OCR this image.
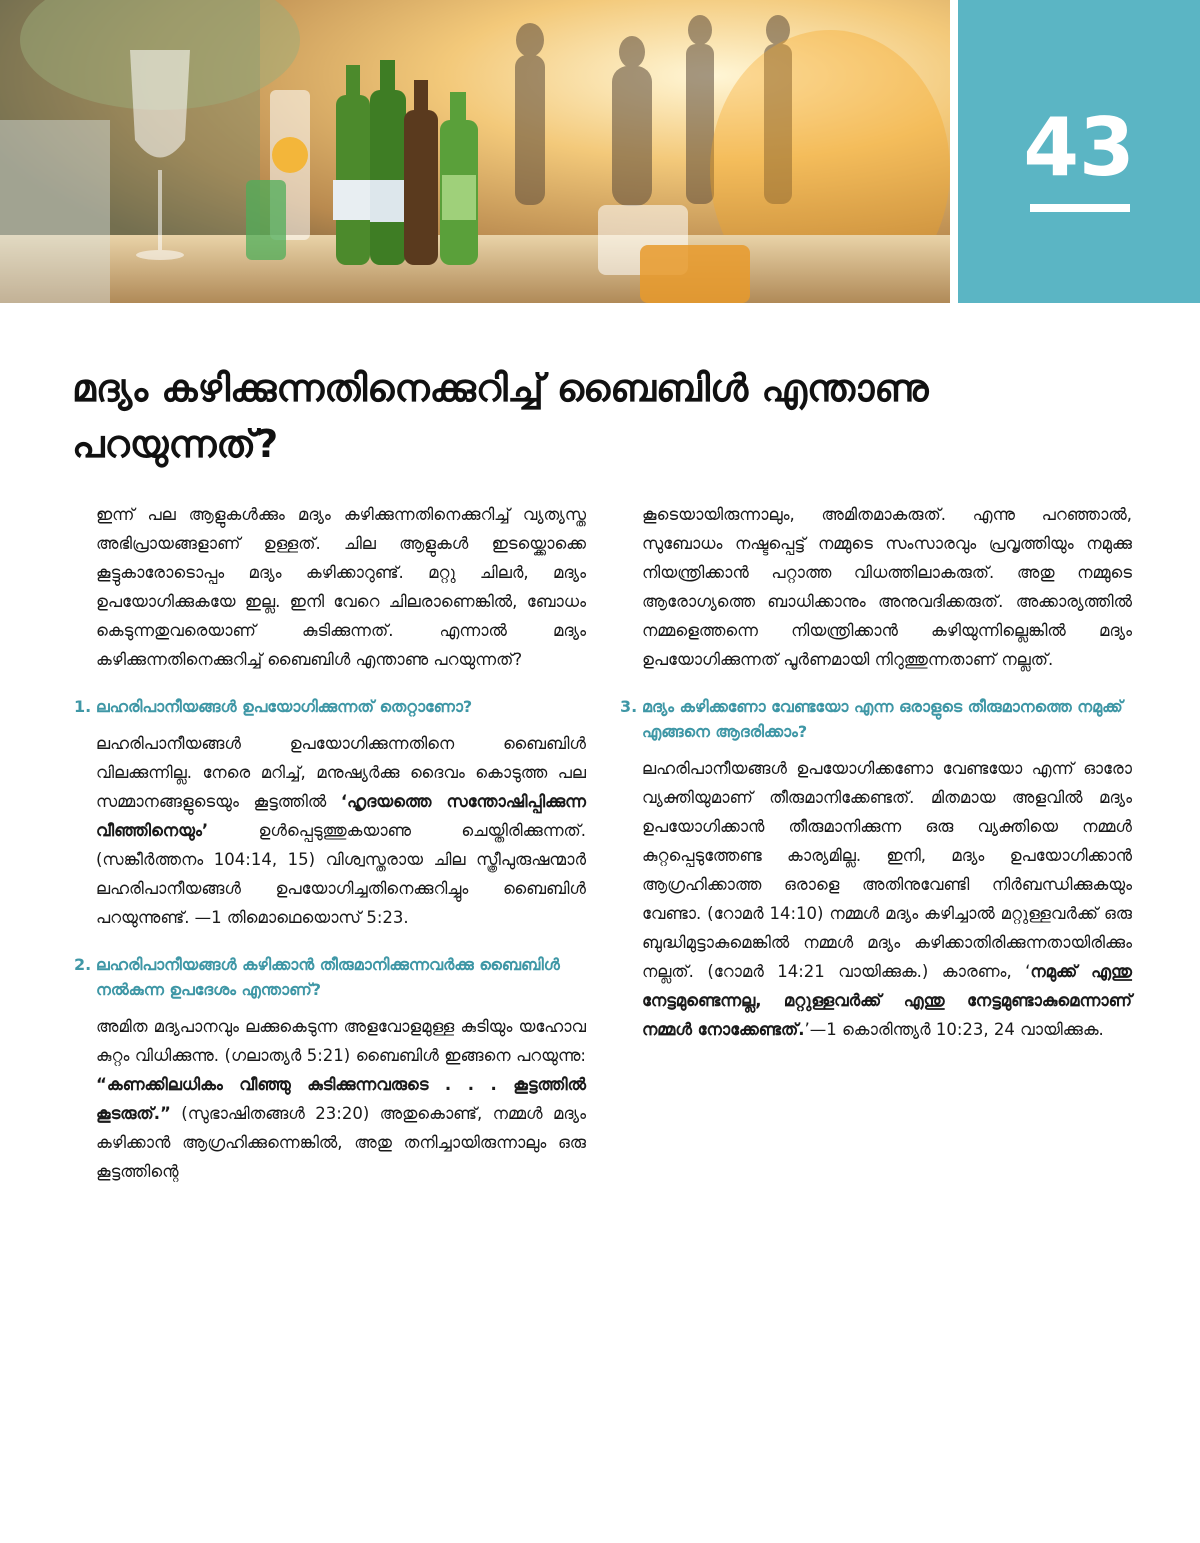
43
മദ്യം കഴിക്കുന്നതിനെക്കുറിച്ച് ബൈബിൾ എന്താണു പറയുന്നത്?

ഇന്ന് പല ആളുകൾക്കും മദ്യം കഴിക്കുന്നതിനെക്കുറിച്ച് വ്യത്യസ്ത അഭിപ്രായങ്ങളാണ് ഉള്ളത്. ചില ആളുകൾ ഇടയ്ക്കൊക്കെ കൂട്ടുകാരോടൊപ്പം മദ്യം കഴിക്കാറുണ്ട്. മറ്റു ചിലർ, മദ്യം ഉപയോഗിക്കുകയേ ഇല്ല. ഇനി വേറെ ചിലരാണെങ്കിൽ, ബോധം കെടുന്നതുവരെയാണ് കുടിക്കുന്നത്. എന്നാൽ മദ്യം കഴിക്കുന്നതിനെക്കുറിച്ച് ബൈബിൾ എന്താണു പറയുന്നത്?

1. ലഹരിപാനീയങ്ങൾ ഉപയോഗിക്കുന്നത് തെറ്റാണോ?

ലഹരിപാനീയങ്ങൾ ഉപയോഗിക്കുന്നതിനെ ബൈബിൾ വിലക്കുന്നില്ല. നേരെ മറിച്ച്, മനുഷ്യർക്കു ദൈവം കൊടുത്ത പല സമ്മാനങ്ങളുടെയും കൂട്ടത്തിൽ ‘ഹൃദയത്തെ സന്തോഷിപ്പിക്കുന്ന വീഞ്ഞിനെയും’ ഉൾപ്പെടുത്തുകയാണു ചെയ്തിരിക്കുന്നത്. (സങ്കീർത്തനം 104:14, 15) വിശ്വസ്തരായ ചില സ്ത്രീപുരുഷന്മാർ ലഹരിപാനീയങ്ങൾ ഉപയോഗിച്ചതിനെക്കുറിച്ചും ബൈബിൾ പറയുന്നുണ്ട്. —1 തിമൊഥെയൊസ് 5:23.

2. ലഹരിപാനീയങ്ങൾ കഴിക്കാൻ തീരുമാനിക്കുന്നവർക്കു ബൈബിൾ നൽകുന്ന ഉപദേശം എന്താണ്?

അമിത മദ്യപാനവും ലക്കുകെടുന്ന അളവോളമുള്ള കുടിയും യഹോവ കുറ്റം വിധിക്കുന്നു. (ഗലാത്യർ 5:21) ബൈബിൾ ഇങ്ങനെ പറയുന്നു: “കണക്കിലധികം വീഞ്ഞു കുടിക്കുന്നവരുടെ . . . കൂട്ടത്തിൽ കൂടരുത്.” (സുഭാഷിതങ്ങൾ 23:20) അതുകൊണ്ട്, നമ്മൾ മദ്യം കഴിക്കാൻ ആഗ്രഹിക്കുന്നെങ്കിൽ, അതു തനിച്ചായിരുന്നാലും ഒരു കൂട്ടത്തിന്റെ

കൂടെയായിരുന്നാലും, അമിതമാകരുത്. എന്നു പറഞ്ഞാൽ, സുബോധം നഷ്ടപ്പെട്ട് നമ്മുടെ സംസാരവും പ്രവൃത്തിയും നമുക്കു നിയന്ത്രിക്കാൻ പറ്റാത്ത വിധത്തിലാകരുത്. അതു നമ്മുടെ ആരോഗ്യത്തെ ബാധിക്കാനും അനുവദിക്കരുത്. അക്കാര്യത്തിൽ നമ്മളെത്തന്നെ നിയന്ത്രിക്കാൻ കഴിയുന്നില്ലെങ്കിൽ മദ്യം ഉപയോഗിക്കുന്നത് പൂർണമായി നിറുത്തുന്നതാണ് നല്ലത്.

3. മദ്യം കഴിക്കണോ വേണ്ടയോ എന്ന ഒരാളുടെ തീരുമാനത്തെ നമുക്ക് എങ്ങനെ ആദരിക്കാം?

ലഹരിപാനീയങ്ങൾ ഉപയോഗിക്കണോ വേണ്ടയോ എന്ന് ഓരോ വ്യക്തിയുമാണ് തീരുമാനിക്കേണ്ടത്. മിതമായ അളവിൽ മദ്യം ഉപയോഗിക്കാൻ തീരുമാനിക്കുന്ന ഒരു വ്യക്തിയെ നമ്മൾ കുറ്റപ്പെടുത്തേണ്ട കാര്യമില്ല. ഇനി, മദ്യം ഉപയോഗിക്കാൻ ആഗ്രഹിക്കാത്ത ഒരാളെ അതിനുവേണ്ടി നിർബന്ധിക്കുകയും വേണ്ടാ. (റോമർ 14:10) നമ്മൾ മദ്യം കഴിച്ചാൽ മറ്റുള്ളവർക്ക് ഒരു ബുദ്ധിമുട്ടാകുമെങ്കിൽ നമ്മൾ മദ്യം കഴിക്കാതിരിക്കുന്നതായിരിക്കും നല്ലത്. (റോമർ 14:21 വായിക്കുക.) കാരണം, ‘നമുക്ക് എന്തു നേട്ടമുണ്ടെന്നല്ല, മറ്റുള്ളവർക്ക് എന്തു നേട്ടമുണ്ടാകുമെന്നാണ് നമ്മൾ നോക്കേണ്ടത്.’—1 കൊരിന്ത്യർ 10:23, 24 വായിക്കുക.
